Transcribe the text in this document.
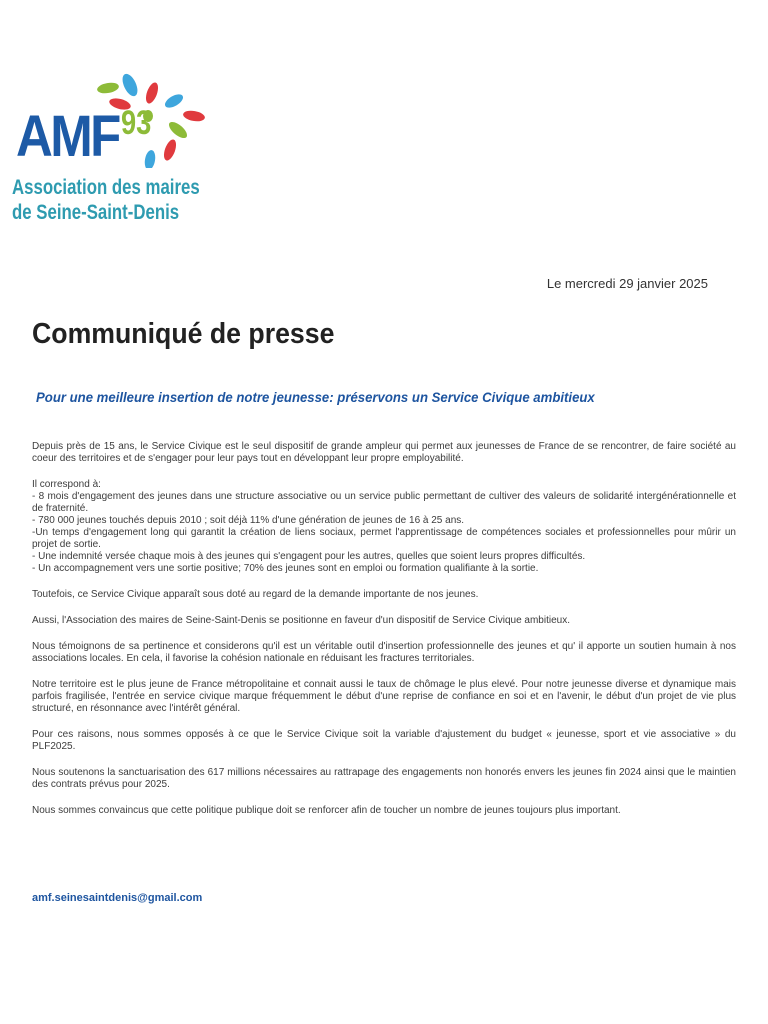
AMF 93
Association des maires
de Seine-Saint-Denis
Le mercredi 29 janvier 2025
Communiqué de presse
Pour une meilleure insertion de notre jeunesse: préservons un Service Civique ambitieux

Depuis près de 15 ans, le Service Civique est le seul dispositif de grande ampleur qui permet aux jeunesses de France de se rencontrer, de faire société au coeur des territoires et de s'engager pour leur pays tout en développant leur propre employabilité.

Il correspond à:

- 8 mois d'engagement des jeunes dans une structure associative ou un service public permettant de cultiver des valeurs de solidarité intergénérationnelle et de fraternité.

- 780 000 jeunes touchés depuis 2010 ; soit déjà 11% d'une génération de jeunes de 16 à 25 ans.

-Un temps d'engagement long qui garantit la création de liens sociaux, permet l'apprentissage de compétences sociales et professionnelles pour mûrir un projet de sortie.

- Une indemnité versée chaque mois à des jeunes qui s'engagent pour les autres, quelles que soient leurs propres difficultés.

- Un accompagnement vers une sortie positive; 70% des jeunes sont en emploi ou formation qualifiante à la sortie.

Toutefois, ce Service Civique apparaît sous doté au regard de la demande importante de nos jeunes.

Aussi, l'Association des maires de Seine-Saint-Denis se positionne en faveur d'un dispositif de Service Civique ambitieux.

Nous témoignons de sa pertinence et considerons qu'il est un véritable outil d'insertion professionnelle des jeunes et qu' il apporte un soutien humain à nos associations locales. En cela, il favorise la cohésion nationale en réduisant les fractures territoriales.

Notre territoire est le plus jeune de France métropolitaine et connait aussi le taux de chômage le plus elevé. Pour notre jeunesse diverse et dynamique mais parfois fragilisée, l'entrée en service civique marque fréquemment le début d'une reprise de confiance en soi et en l'avenir, le début d'un projet de vie plus structuré, en résonnance avec l'intérêt général.

Pour ces raisons, nous sommes opposés à ce que le Service Civique soit la variable d'ajustement du budget « jeunesse, sport et vie associative » du PLF2025.

Nous soutenons la sanctuarisation des 617 millions nécessaires au rattrapage des engagements non honorés envers les jeunes fin 2024 ainsi que le maintien des contrats prévus pour 2025.

Nous sommes convaincus que cette politique publique doit se renforcer afin de toucher un nombre de jeunes toujours plus important.

amf.seinesaintdenis@gmail.com
